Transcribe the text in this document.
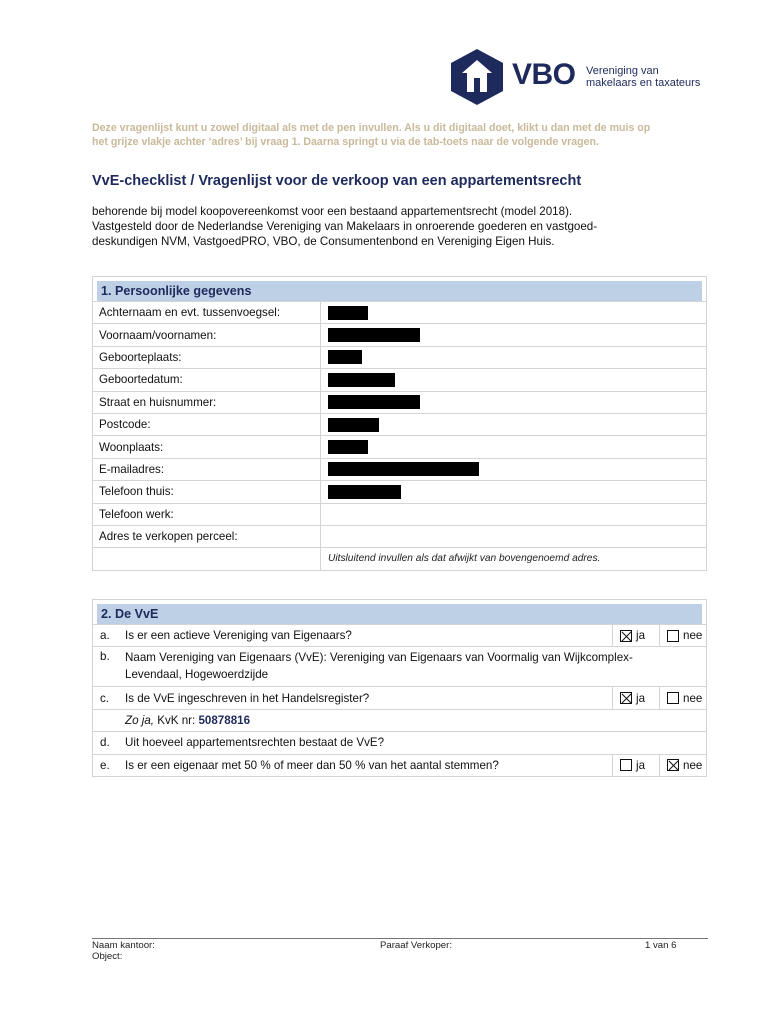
VBO Vereniging van
makelaars en taxateurs
Deze vragenlijst kunt u zowel digitaal als met de pen invullen. Als u dit digitaal doet, klikt u dan met de muis op
het grijze vlakje achter ‘adres’ bij vraag 1. Daarna springt u via de tab-toets naar de volgende vragen.
VvE-checklist / Vragenlijst voor de verkoop van een appartementsrecht
behorende bij model koopovereenkomst voor een bestaand appartementsrecht (model 2018).
Vastgesteld door de Nederlandse Vereniging van Makelaars in onroerende goederen en vastgoed-
deskundigen NVM, VastgoedPRO, VBO, de Consumentenbond en Vereniging Eigen Huis.
1. Persoonlijke gegevens
Achternaam en evt. tussenvoegsel:
Voornaam/voornamen:
Geboorteplaats:
Geboortedatum:
Straat en huisnummer:
Postcode:
Woonplaats:
E-mailadres:
Telefoon thuis:
Telefoon werk:
Adres te verkopen perceel:
Uitsluitend invullen als dat afwijkt van bovengenoemd adres.
2. De VvE
a.	Is er een actieve Vereniging van Eigenaars?	ja	nee
b.	Naam Vereniging van Eigenaars (VvE): Vereniging van Eigenaars van Voormalig van Wijkcomplex-
Levendaal, Hogewoerdzijde
c.	Is de VvE ingeschreven in het Handelsregister?	ja	nee
Zo ja, KvK nr: 50878816
d.	Uit hoeveel appartementsrechten bestaat de VvE?
e.	Is er een eigenaar met 50 % of meer dan 50 % van het aantal stemmen?	ja	nee
Naam kantoor:
Object:
Paraaf Verkoper:	1 van 6
